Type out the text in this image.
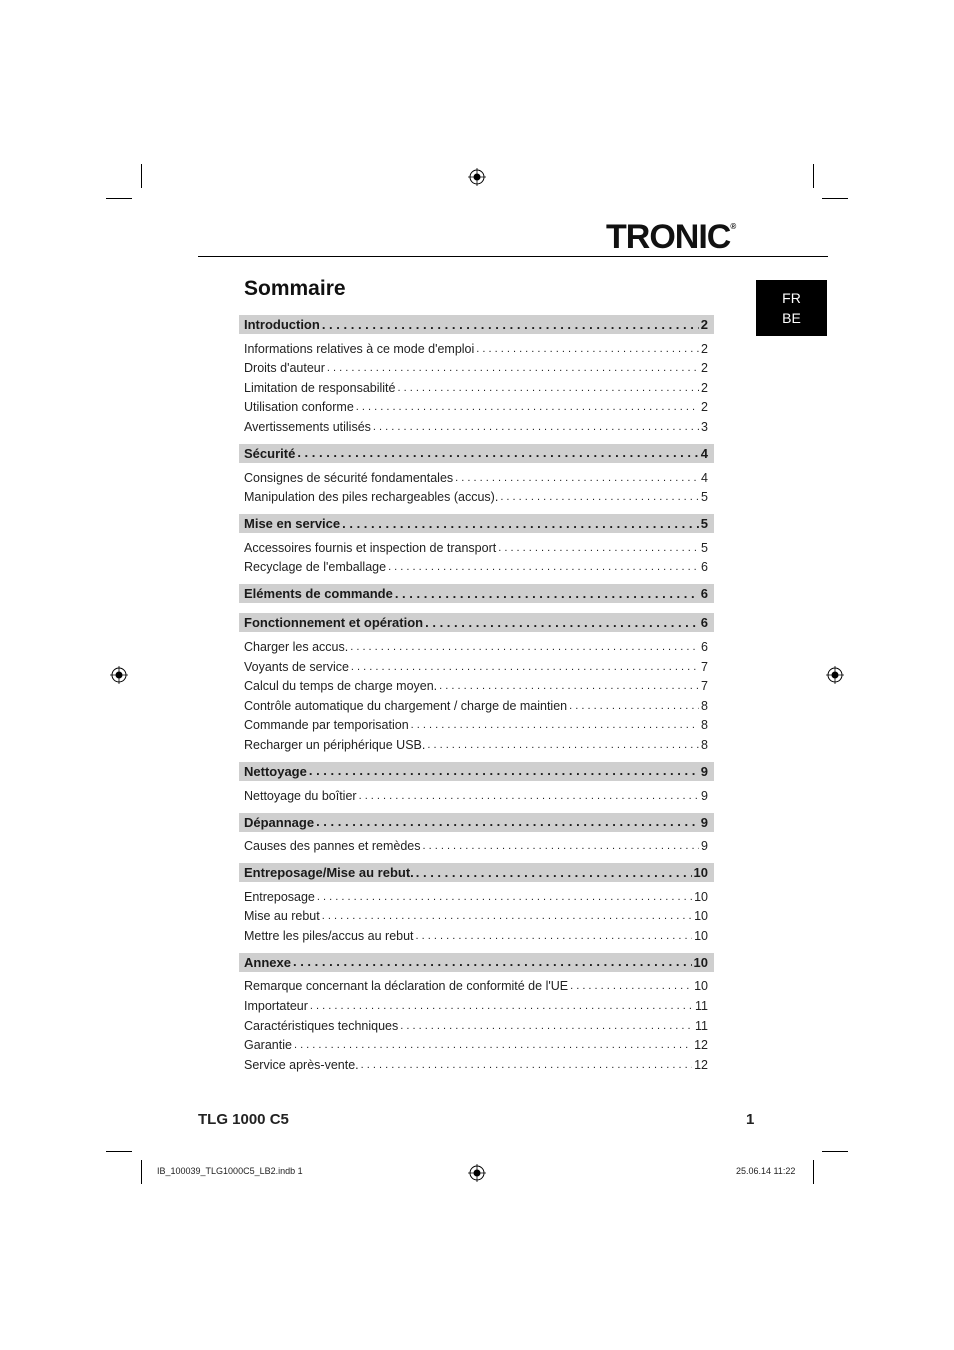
TRONIC®
FR
BE
Sommaire
Introduction . . .	2
Informations relatives à ce mode d'emploi . . .	2
Droits d'auteur . . .	2
Limitation de responsabilité . . .	2
Utilisation conforme . . .	2
Avertissements utilisés . . .	3
Sécurité . . .	4
Consignes de sécurité fondamentales . . .	4
Manipulation des piles rechargeables (accus). . . .	5
Mise en service . . .	5
Accessoires fournis et inspection de transport . . .	5
Recyclage de l'emballage . . .	6
Eléments de commande . . .	6
Fonctionnement et opération . . .	6
Charger les accus. . . .	6
Voyants de service . . .	7
Calcul du temps de charge moyen. . . .	7
Contrôle automatique du chargement / charge de maintien . . .	8
Commande par temporisation . . .	8
Recharger un périphérique USB. . . .	8
Nettoyage . . .	9
Nettoyage du boîtier . . .	9
Dépannage . . .	9
Causes des pannes et remèdes . . .	9
Entreposage/Mise au rebut. . . .	10
Entreposage . . .	10
Mise au rebut . . .	10
Mettre les piles/accus au rebut . . .	10
Annexe . . .	10
Remarque concernant la déclaration de conformité de l'UE . . .	10
Importateur . . .	11
Caractéristiques techniques . . .	11
Garantie . . .	12
Service après-vente. . . .	12
TLG 1000 C5	1
IB_100039_TLG1000C5_LB2.indb 1	25.06.14 11:22
